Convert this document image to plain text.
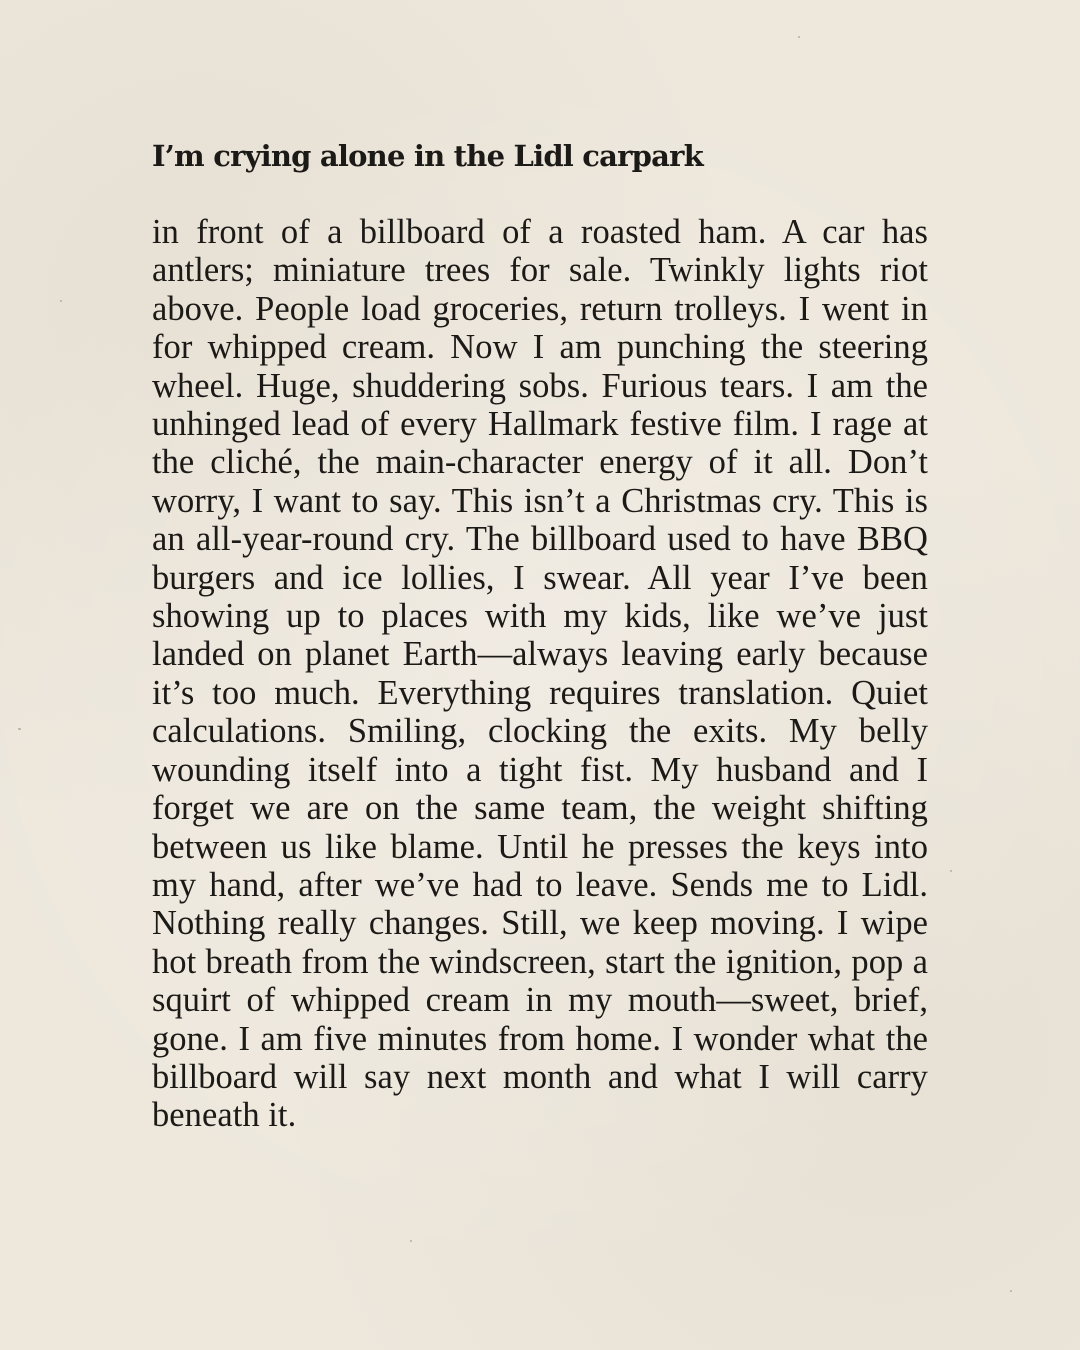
I’m crying alone in the Lidl carpark

in front of a billboard of a roasted ham. A car has antlers; miniature trees for sale. Twinkly lights riot above. People load groceries, return trolleys. I went in for whipped cream. Now I am punching the steering wheel. Huge, shuddering sobs. Furious tears. I am the unhinged lead of every Hallmark festive film. I rage at the cliché, the main-character energy of it all. Don’t worry, I want to say. This isn’t a Christmas cry. This is an all-year-round cry. The billboard used to have BBQ burgers and ice lollies, I swear. All year I’ve been showing up to places with my kids, like we’ve just landed on planet Earth—always leaving early because it’s too much. Everything requires translation. Quiet calculations. Smiling, clocking the exits. My belly wounding itself into a tight fist. My husband and I forget we are on the same team, the weight shifting between us like blame. Until he presses the keys into my hand, after we’ve had to leave. Sends me to Lidl. Nothing really changes. Still, we keep moving. I wipe hot breath from the windscreen, start the ignition, pop a squirt of whipped cream in my mouth—sweet, brief, gone. I am five minutes from home. I wonder what the billboard will say next month and what I will carry beneath it.
